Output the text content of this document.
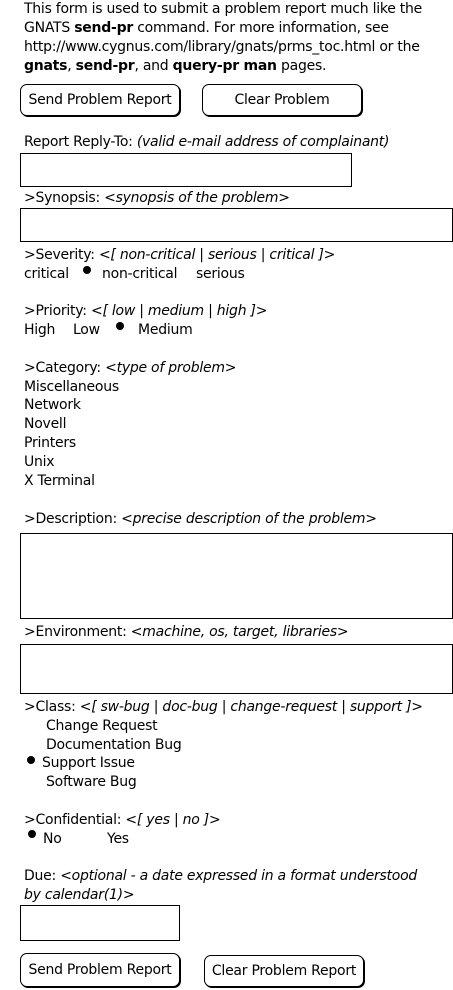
This form is used to submit a problem report much like the
GNATS send-pr command. For more information, see
http://www.cygnus.com/library/gnats/prms_toc.html or the
gnats, send-pr, and query-pr man pages.
Send Problem Report	Clear Problem
Report Reply-To: (valid e-mail address of complainant)
>Synopsis: <synopsis of the problem>
>Severity: <[ non-critical | serious | critical ]>
critical non-critical serious
>Priority: <[ low | medium | high ]>
High Low	Medium
>Category: <type of problem>
Miscellaneous
Network
Novell
Printers
Unix
X Terminal
>Description: <precise description of the problem>
>Environment: <machine, os, target, libraries>
>Class: <[ sw-bug | doc-bug | change-request | support ]>
Change Request
Documentation Bug
Support Issue
Software Bug
>Confidential: <[ yes | no ]>
No	Yes
Due: <optional - a date expressed in a format understood
by calendar(1)>
Send Problem Report	Clear Problem Report
